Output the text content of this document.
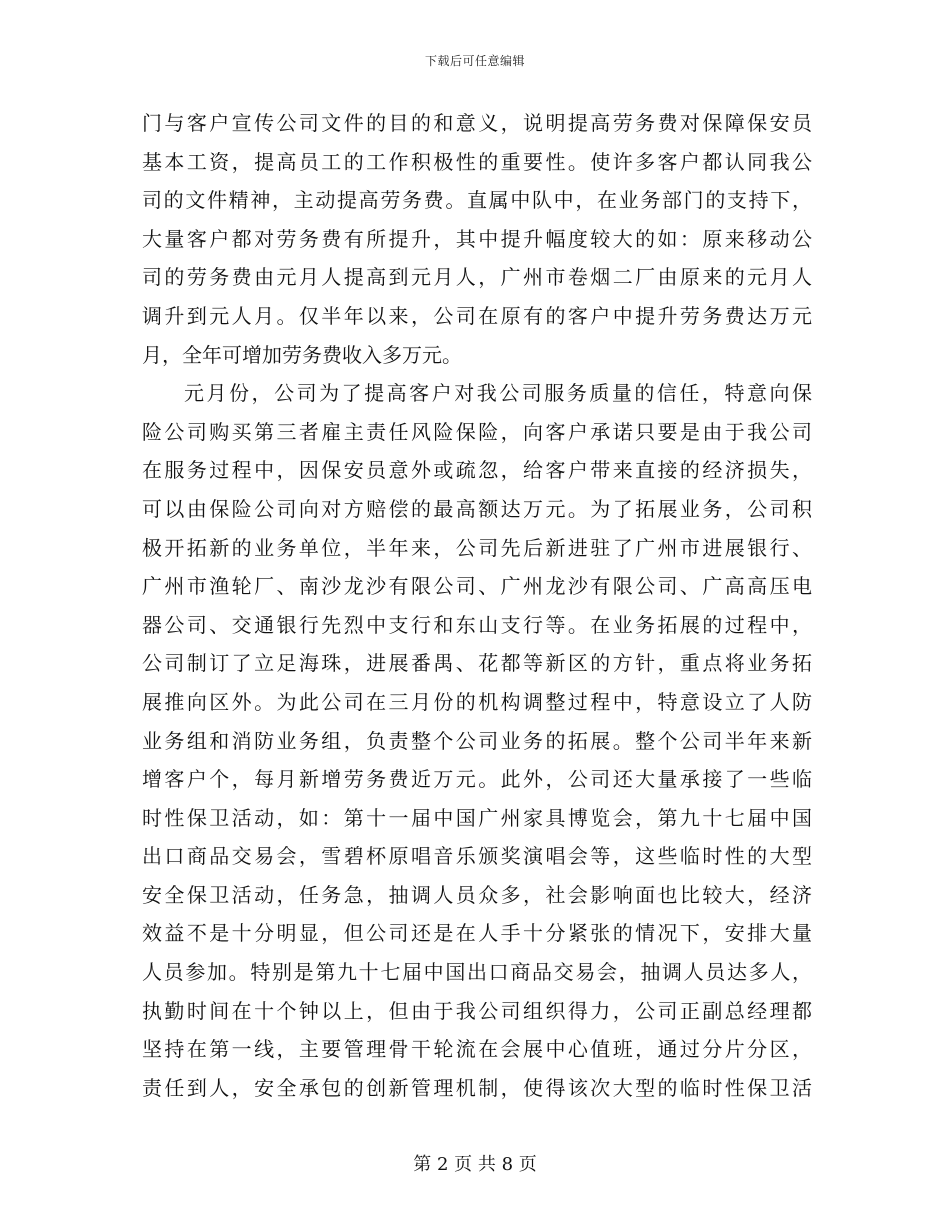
下载后可任意编辑
门与客户宣传公司文件的目的和意义，说明提高劳务费对保障保安员
基本工资，提高员工的工作积极性的重要性。使许多客户都认同我公
司的文件精神，主动提高劳务费。直属中队中，在业务部门的支持下，
大量客户都对劳务费有所提升，其中提升幅度较大的如：原来移动公
司的劳务费由元月人提高到元月人，广州市卷烟二厂由原来的元月人
调升到元人月。仅半年以来，公司在原有的客户中提升劳务费达万元
月，全年可增加劳务费收入多万元。
元月份，公司为了提高客户对我公司服务质量的信任，特意向保
险公司购买第三者雇主责任风险保险，向客户承诺只要是由于我公司
在服务过程中，因保安员意外或疏忽，给客户带来直接的经济损失，
可以由保险公司向对方赔偿的最高额达万元。为了拓展业务，公司积
极开拓新的业务单位，半年来，公司先后新进驻了广州市进展银行、
广州市渔轮厂、南沙龙沙有限公司、广州龙沙有限公司、广高高压电
器公司、交通银行先烈中支行和东山支行等。在业务拓展的过程中，
公司制订了立足海珠，进展番禺、花都等新区的方针，重点将业务拓
展推向区外。为此公司在三月份的机构调整过程中，特意设立了人防
业务组和消防业务组，负责整个公司业务的拓展。整个公司半年来新
增客户个，每月新增劳务费近万元。此外，公司还大量承接了一些临
时性保卫活动，如：第十一届中国广州家具博览会，第九十七届中国
出口商品交易会，雪碧杯原唱音乐颁奖演唱会等，这些临时性的大型
安全保卫活动，任务急，抽调人员众多，社会影响面也比较大，经济
效益不是十分明显，但公司还是在人手十分紧张的情况下，安排大量
人员参加。特别是第九十七届中国出口商品交易会，抽调人员达多人，
执勤时间在十个钟以上，但由于我公司组织得力，公司正副总经理都
坚持在第一线，主要管理骨干轮流在会展中心值班，通过分片分区，
责任到人，安全承包的创新管理机制，使得该次大型的临时性保卫活
第 2 页 共 8 页
